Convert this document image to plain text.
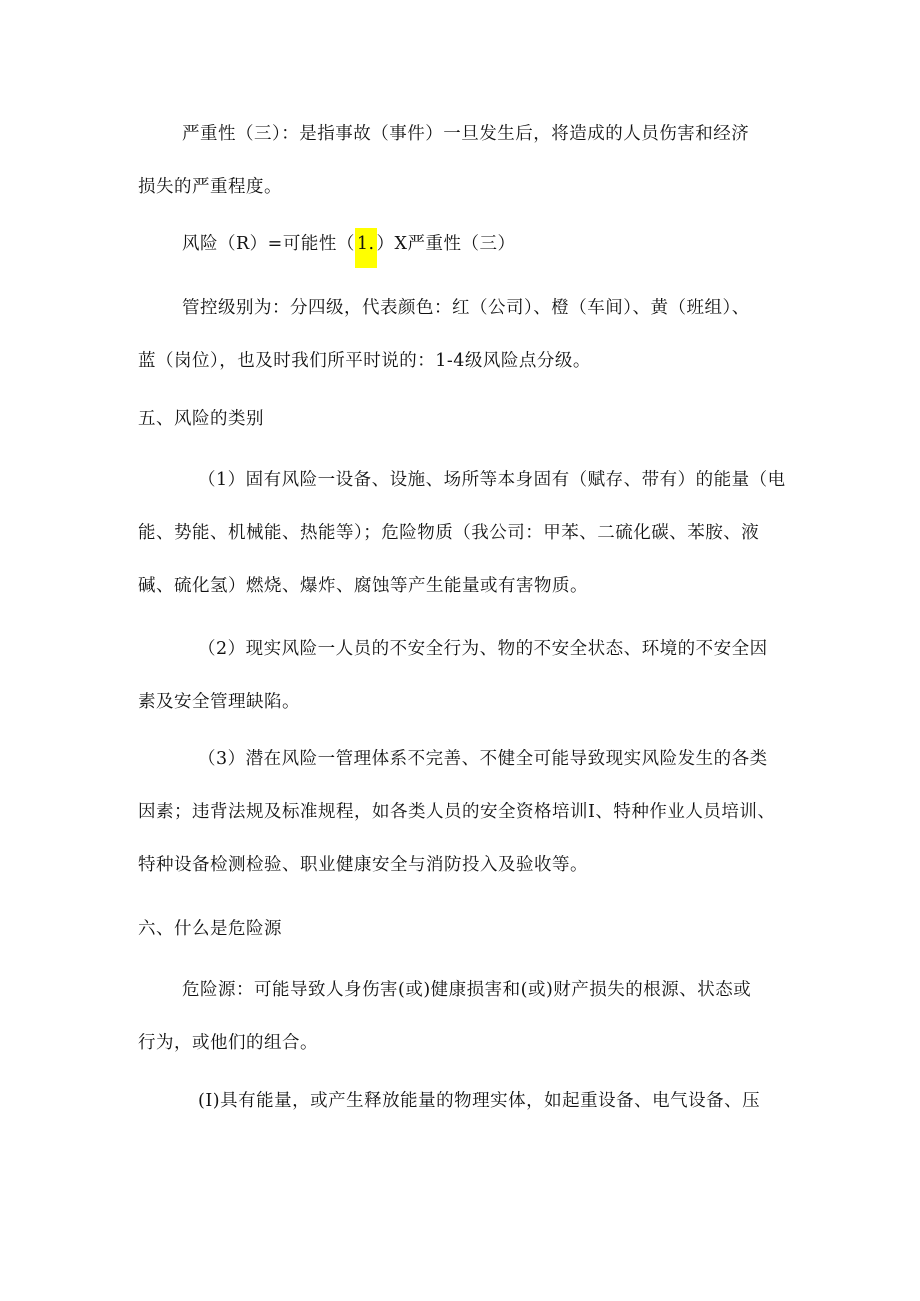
严重性（三）：是指事故（事件）一旦发生后，将造成的人员伤害和经济
损失的严重程度。

风险（R）=可能性（ 1. ）X严重性（三）

管控级别为：分四级，代表颜色：红（公司）、橙（车间）、黄（班组）、
蓝（岗位），也及时我们所平时说的：1-4级风险点分级。

五、风险的类别

（1）固有风险一设备、设施、场所等本身固有（赋存、带有）的能量（电
能、势能、机械能、热能等）；危险物质（我公司：甲苯、二硫化碳、苯胺、液
碱、硫化氢）燃烧、爆炸、腐蚀等产生能量或有害物质。

（2）现实风险一人员的不安全行为、物的不安全状态、环境的不安全因
素及安全管理缺陷。

（3）潜在风险一管理体系不完善、不健全可能导致现实风险发生的各类
因素；违背法规及标准规程，如各类人员的安全资格培训I、特种作业人员培训、
特种设备检测检验、职业健康安全与消防投入及验收等。

六、什么是危险源

危险源：可能导致人身伤害(或)健康损害和(或)财产损失的根源、状态或
行为，或他们的组合。

(I)具有能量，或产生释放能量的物理实体，如起重设备、电气设备、压
